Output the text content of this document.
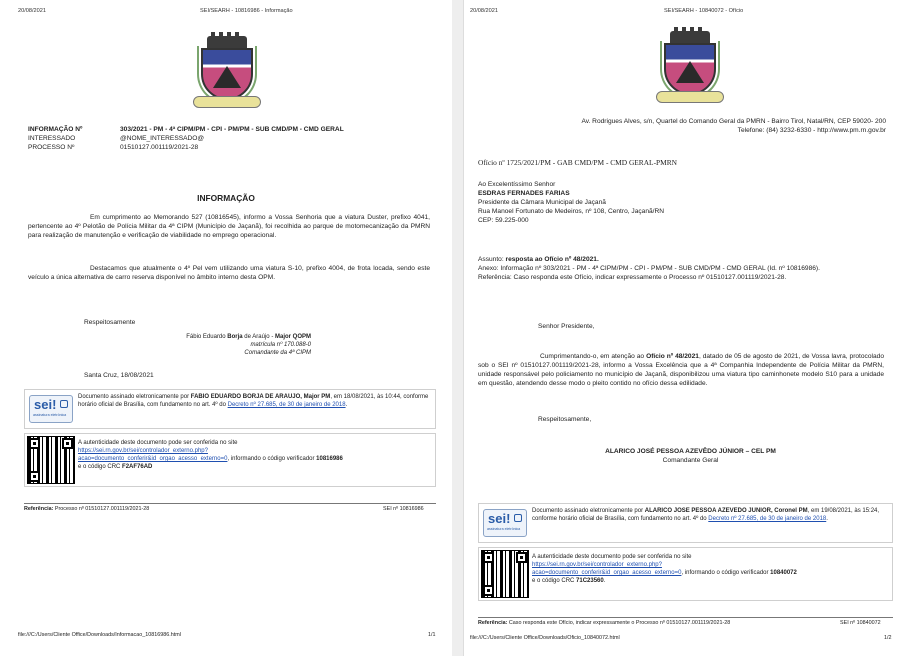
20/08/2021	SEI/SEARH - 10816986 - Informação
INFORMAÇÃO Nº	303/2021 - PM - 4ª CIPM/PM - CPI - PM/PM - SUB CMD/PM - CMD GERAL
INTERESSADO	@NOME_INTERESSADO@
PROCESSO Nº	01510127.001119/2021-28
INFORMAÇÃO
Em cumprimento ao Memorando 527 (10816545), informo a Vossa Senhoria que a viatura Duster, prefixo 4041, pertencente ao 4º Pelotão de Polícia Militar da 4ª CIPM (Município de Jaçanã), foi recolhida ao parque de motomecanização da PMRN para realização de manutenção e verificação de viabilidade no emprego operacional.
Destacamos que atualmente o 4º Pel vem utilizando uma viatura S-10, prefixo 4004, de frota locada, sendo este veículo a única alternativa de carro reserva disponível no âmbito interno desta OPM.
Respeitosamente
Fábio Eduardo Borja de Araújo - Major QOPM
matrícula nº 170.088-0
Comandante da 4ª CIPM
Santa Cruz, 18/08/2021
sei!
assinatura eletrônica
Documento assinado eletronicamente por FABIO EDUARDO BORJA DE ARAUJO, Major PM, em 18/08/2021, às 10:44, conforme horário oficial de Brasília, com fundamento no art. 4º do Decreto nº 27.685, de 30 de janeiro de 2018.
A autenticidade deste documento pode ser conferida no site
https://sei.rn.gov.br/sei/controlador_externo.php?
acao=documento_conferir&id_orgao_acesso_externo=0, informando o código verificador 10816986
e o código CRC F2AF76AD
Referência: Processo nº 01510127.001119/2021-28	SEI nº 10816986
file:///C:/Users/Cliente Office/Downloads/Informacao_10816986.html	1/1
20/08/2021	SEI/SEARH - 10840072 - Ofício
Av. Rodrigues Alves, s/n, Quartel do Comando Geral da PMRN - Bairro Tirol, Natal/RN, CEP 59020- 200
Telefone: (84) 3232-6330 - http://www.pm.rn.gov.br
Ofício nº 1725/2021/PM - GAB CMD/PM - CMD GERAL-PMRN
Ao Excelentíssimo Senhor
ESDRAS FERNADES FARIAS
Presidente da Câmara Municipal de Jaçanã
Rua Manoel Fortunato de Medeiros, nº 108, Centro, Jaçanã/RN
CEP: 59.225-000
Assunto: resposta ao Ofício nº 48/2021.
Anexo: Informação nº 303/2021 - PM - 4ª CIPM/PM - CPI - PM/PM - SUB CMD/PM - CMD GERAL (Id. nº 10816986).
Referência: Caso responda este Ofício, indicar expressamente o Processo nº 01510127.001119/2021-28.
Senhor Presidente,
Cumprimentando-o, em atenção ao Ofício nº 48/2021, datado de 05 de agosto de 2021, de Vossa lavra, protocolado sob o SEI nº 01510127.001119/2021-28, informo a Vossa Excelência que a 4ª Companhia Independente de Polícia Militar da PMRN, unidade responsável pelo policiamento no município de Jaçanã, disponibilizou uma viatura tipo caminhonete modelo S10 para a unidade em questão, atendendo desse modo o pleito contido no ofício dessa edilidade.
Respeitosamente,
ALARICO JOSÉ PESSOA AZEVÊDO JÚNIOR – CEL PM
Comandante Geral
sei!
assinatura eletrônica
Documento assinado eletronicamente por ALARICO JOSE PESSOA AZEVEDO JUNIOR, Coronel PM, em 19/08/2021, às 15:24, conforme horário oficial de Brasília, com fundamento no art. 4º do Decreto nº 27.685, de 30 de janeiro de 2018.
A autenticidade deste documento pode ser conferida no site
https://sei.rn.gov.br/sei/controlador_externo.php?
acao=documento_conferir&id_orgao_acesso_externo=0, informando o código verificador 10840072
e o código CRC 71C23560.
Referência: Caso responda este Ofício, indicar expressamente o Processo nº 01510127.001119/2021-28	SEI nº 10840072
file:///C:/Users/Cliente Office/Downloads/Oficio_10840072.html	1/2
